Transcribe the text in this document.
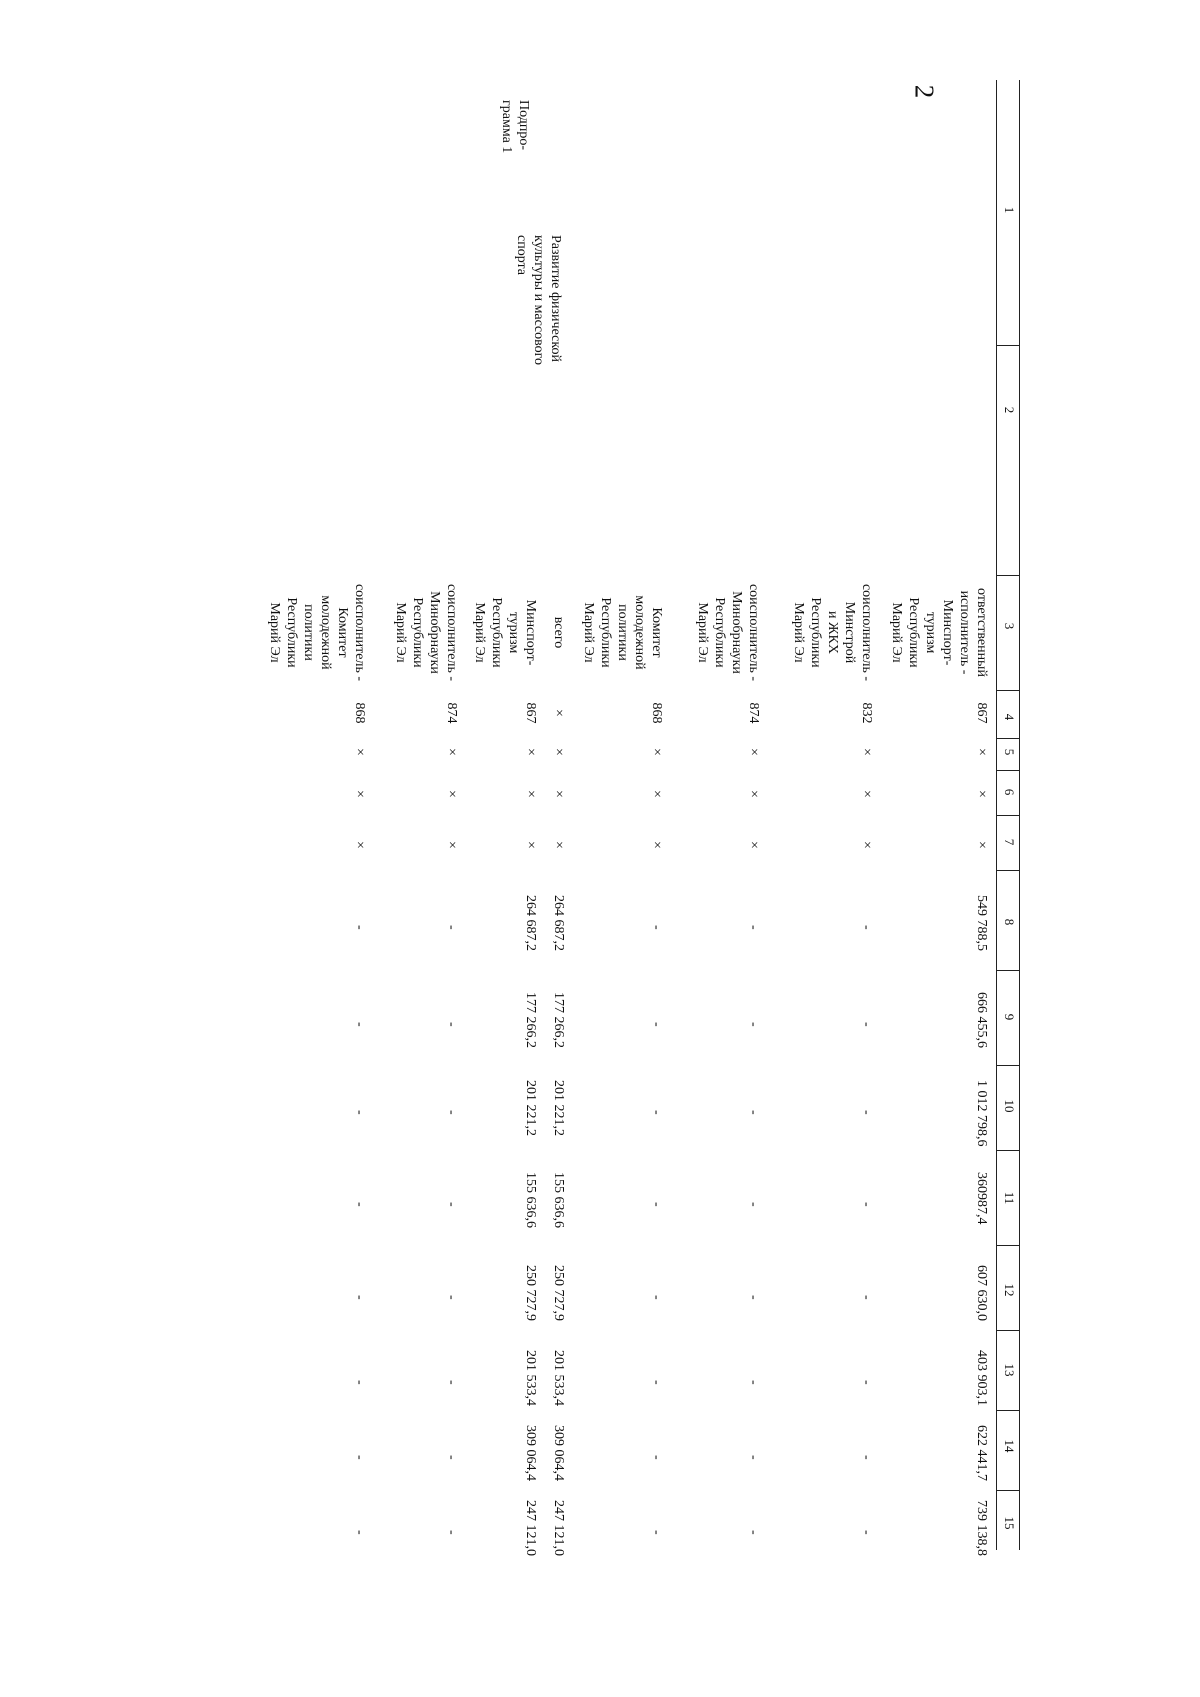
2
1
2
3
4
5
6
7
8
9
10
11
12
13
14
15
ответственный
исполнитель -
Минспорт-
туризм
Республики
Марий Эл
867
×
×
×
549 788,5
666 455,6
1 012 798,6
360987,4
607 630,0
403 903,1
622 441,7
739 138,8
соисполнитель -
Минстрой
и ЖКХ
Республики
Марий Эл
832
×
×
×
-
-
-
-
-
-
-
-
соисполнитель -
Минобрнауки
Республики
Марий Эл
874
×
×
×
-
-
-
-
-
-
-
-
Комитет
молодежной
политики
Республики
Марий Эл
868
×
×
×
-
-
-
-
-
-
-
-
Подпро-
грамма 1
Развитие физической
культуры и массового
спорта
всего
×
×
×
×
264 687,2
177 266,2
201 221,2
155 636,6
250 727,9
201 533,4
309 064,4
247 121,0
Минспорт-
туризм
Республики
Марий Эл
867
×
×
×
264 687,2
177 266,2
201 221,2
155 636,6
250 727,9
201 533,4
309 064,4
247 121,0
соисполнитель -
Минобрнауки
Республики
Марий Эл
874
×
×
×
-
-
-
-
-
-
-
-
соисполнитель -
Комитет
молодежной
политики
Республики
Марий Эл
868
×
×
×
-
-
-
-
-
-
-
-
